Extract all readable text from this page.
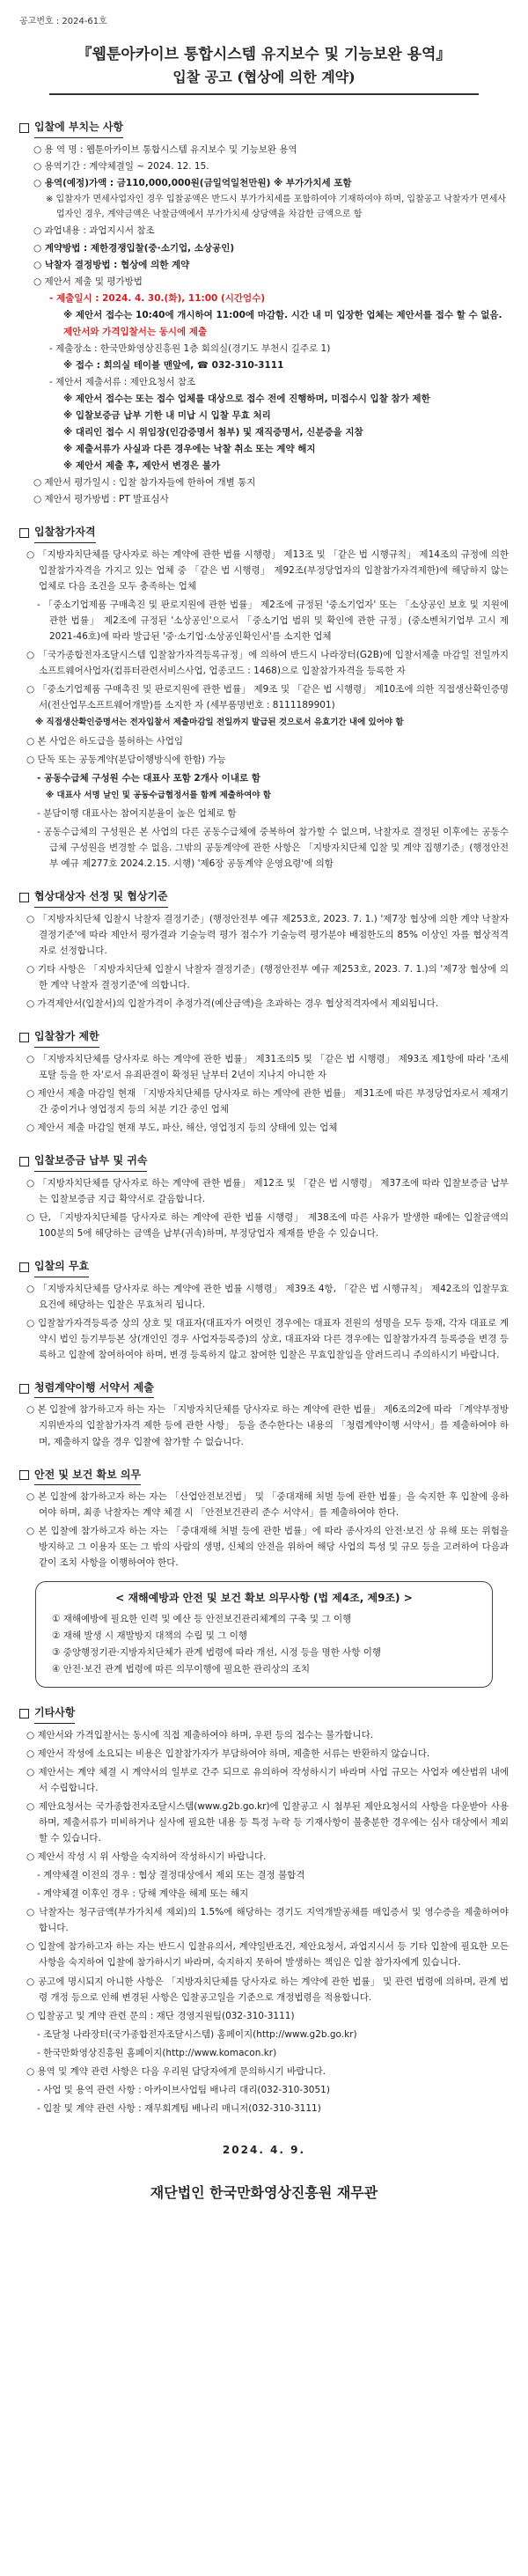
공고번호 : 2024-61호
『웹툰아카이브 통합시스템 유지보수 및 기능보완 용역』
입찰 공고 (협상에 의한 계약)
입찰에 부치는 사항
○ 용 역 명 : 웹툰아카이브 통합시스템 유지보수 및 기능보완 용역
○ 용역기간 : 계약체결일 ~ 2024. 12. 15.
○ 용역(예정)가액 : 금110,000,000원(금일억일천만원) ※ 부가가치세 포함
※ 입찰자가 면세사업자인 경우 입찰공액은 반드시 부가가치세를 포함하여야 기재하여야 하며, 입찰공고 낙찰자가 면세사업자인 경우, 계약금액은 낙찰금액에서 부가가치세 상당액을 차감한 금액으로 함
○ 과업내용 : 과업지시서 참조
○ 계약방법 : 제한경쟁입찰(중·소기업, 소상공인)
○ 낙찰자 결정방법 : 협상에 의한 계약
○ 제안서 제출 및 평가방법
- 제출일시 : 2024. 4. 30.(화), 11:00 (시간엄수)
※ 제안서 접수는 10:40에 개시하여 11:00에 마감함. 시간 내 미 입장한 업체는 제안서를 접수 할 수 없음.
제안서와 가격입찰서는 동시에 제출
- 제출장소 : 한국만화영상진흥원 1층 회의실(경기도 부천시 길주로 1)
※ 접수 : 회의실 테이블 맨앞에, ☎ 032-310-3111
- 제안서 제출서류 : 제안요청서 참조
※ 제안서 접수는 또는 접수 업체를 대상으로 접수 전에 진행하며, 미접수시 입찰 참가 제한
※ 입찰보증금 납부 기한 내 미납 시 입찰 무효 처리
※ 대리인 접수 시 위임장(인감증명서 첨부) 및 재직증명서, 신분증을 지참
※ 제출서류가 사실과 다른 경우에는 낙찰 취소 또는 계약 해지
※ 제안서 제출 후, 제안서 변경은 불가
○ 제안서 평가일시 : 입찰 참가자들에 한하여 개별 통지
○ 제안서 평가방법 : PT 발표심사
입찰참가자격
○ 「지방자치단체를 당사자로 하는 계약에 관한 법률 시행령」 제13조 및 「같은 법 시행규칙」 제14조의 규정에 의한 입찰참가자격을 가지고 있는 업체 중 「같은 법 시행령」 제92조(부정당업자의 입찰참가자격제한)에 해당하지 않는 업체로 다음 조건을 모두 충족하는 업체
- 「중소기업제품 구매촉진 및 판로지원에 관한 법률」 제2조에 규정된 '중소기업자' 또는 「소상공인 보호 및 지원에 관한 법률」 제2조에 규정된 '소상공인'으로서 「중소기업 범위 및 확인에 관한 규정」(중소벤처기업부 고시 제2021-46호)에 따라 발급된 '중·소기업·소상공인확인서'를 소지한 업체
○ 「국가종합전자조달시스템 입찰참가자격등록규정」에 의하여 반드시 나라장터(G2B)에 입찰서제출 마감일 전일까지 소프트웨어사업자(컴퓨터관련서비스사업, 업종코드 : 1468)으로 입찰참가자격을 등록한 자
○ 「중소기업제품 구매촉진 및 판로지원에 관한 법률」 제9조 및 「같은 법 시행령」 제10조에 의한 직접생산확인증명서(전산업무소프트웨어개발)를 소지한 자 (세부품명번호 : 8111189901)
※ 직접생산확인증명서는 전자입찰서 제출마감일 전일까지 발급된 것으로서 유효기간 내에 있어야 함
○ 본 사업은 하도급을 불허하는 사업임
○ 단독 또는 공동계약(분담이행방식에 한함) 가능
- 공동수급체 구성원 수는 대표사 포함 2개사 이내로 함
※ 대표사 서명 날인 및 공동수급협정서를 함께 제출하여야 함
- 분담이행 대표사는 참여지분율이 높은 업체로 함
- 공동수급체의 구성원은 본 사업의 다른 공동수급체에 중복하여 참가할 수 없으며, 낙찰자로 결정된 이후에는 공동수급체 구성원을 변경할 수 없음. 그밖의 공동계약에 관한 사항은 「지방자치단체 입찰 및 계약 집행기준」(행정안전부 예규 제277호 2024.2.15. 시행) '제6장 공동계약 운영요령'에 의함
협상대상자 선정 및 협상기준
○ 「지방자치단체 입찰시 낙찰자 결정기준」(행정안전부 예규 제253호, 2023. 7. 1.) '제7장 협상에 의한 계약 낙찰자 결정기준'에 따라 제안서 평가결과 기술능력 평가 점수가 기술능력 평가분야 배점한도의 85% 이상인 자를 협상적격자로 선정합니다.
○ 기타 사항은 「지방자치단체 입찰시 낙찰자 결정기준」(행정안전부 예규 제253호, 2023. 7. 1.)의 '제7장 협상에 의한 계약 낙찰자 결정기준'에 의합니다.
○ 가격제안서(입찰서)의 입찰가격이 추정가격(예산금액)을 초과하는 경우 협상적격자에서 제외됩니다.
입찰참가 제한
○ 「지방자치단체를 당사자로 하는 계약에 관한 법률」 제31조의5 및 「같은 법 시행령」 제93조 제1항에 따라 '조세포탈 등을 한 자'로서 유죄판결이 확정된 날부터 2년이 지나지 아니한 자
○ 제안서 제출 마감일 현재 「지방자치단체를 당사자로 하는 계약에 관한 법률」 제31조에 따른 부정당업자로서 제재기간 중이거나 영업정지 등의 처분 기간 중인 업체
○ 제안서 제출 마감일 현재 부도, 파산, 해산, 영업정지 등의 상태에 있는 업체
입찰보증금 납부 및 귀속
○ 「지방자치단체를 당사자로 하는 계약에 관한 법률」 제12조 및 「같은 법 시행령」 제37조에 따라 입찰보증금 납부는 입찰보증금 지급 확약서로 갈음합니다.
○ 단, 「지방자치단체를 당사자로 하는 계약에 관한 법률 시행령」 제38조에 따른 사유가 발생한 때에는 입찰금액의 100분의 5에 해당하는 금액을 납부(귀속)하며, 부정당업자 제재를 받을 수 있습니다.
입찰의 무효
○ 「지방자치단체를 당사자로 하는 계약에 관한 법률 시행령」 제39조 4항, 「같은 법 시행규칙」 제42조의 입찰무효 요건에 해당하는 입찰은 무효처리 됩니다.
○ 입찰참가자격등록증 상의 상호 및 대표자(대표자가 여럿인 경우에는 대표자 전원의 성명을 모두 등재, 각자 대표로 계약시 법인 등기부등본 상(개인인 경우 사업자등록증)의 상호, 대표자와 다른 경우에는 입찰참가자격 등록증을 변경 등록하고 입찰에 참여하여야 하며, 변경 등록하지 않고 참여한 입찰은 무효입찰임을 알려드리니 주의하시기 바랍니다.
청렴계약이행 서약서 제출
○ 본 입찰에 참가하고자 하는 자는 「지방자치단체를 당사자로 하는 계약에 관한 법률」 제6조의2에 따라 「계약부정방지위반자의 입찰참가자격 제한 등에 관한 사항」 등을 준수한다는 내용의 「청렴계약이행 서약서」를 제출하여야 하며, 제출하지 않을 경우 입찰에 참가할 수 없습니다.
안전 및 보건 확보 의무
○ 본 입찰에 참가하고자 하는 자는 「산업안전보건법」 및 「중대재해 처벌 등에 관한 법률」을 숙지한 후 입찰에 응하여야 하며, 최종 낙찰자는 계약 체결 시 「안전보건관리 준수 서약서」를 제출하여야 한다.
○ 본 입찰에 참가하고자 하는 자는 「중대재해 처벌 등에 관한 법률」에 따라 종사자의 안전·보건 상 유해 또는 위험을 방지하고 그 이용자 또는 그 밖의 사람의 생명, 신체의 안전을 위하여 해당 사업의 특성 및 규모 등을 고려하여 다음과 같이 조치 사항을 이행하여야 한다.
< 재해예방과 안전 및 보건 확보 의무사항 (법 제4조, 제9조) >
① 재해예방에 필요한 인력 및 예산 등 안전보건관리체계의 구축 및 그 이행
② 재해 발생 시 재발방지 대책의 수립 및 그 이행
③ 중앙행정기관·지방자치단체가 관계 법령에 따라 개선, 시정 등을 명한 사항 이행
④ 안전·보건 관계 법령에 따른 의무이행에 필요한 관리상의 조치
기타사항
○ 제안서와 가격입찰서는 동시에 직접 제출하여야 하며, 우편 등의 접수는 불가합니다.
○ 제안서 작성에 소요되는 비용은 입찰참가자가 부담하여야 하며, 제출한 서류는 반환하지 않습니다.
○ 제안서는 계약 체결 시 계약서의 일부로 간주 되므로 유의하여 작성하시기 바라며 사업 규모는 사업자 예산범위 내에서 수립합니다.
○ 제안요청서는 국가종합전자조달시스템(www.g2b.go.kr)에 입찰공고 시 첨부된 제안요청서의 사항을 다운받아 사용하며, 제출서류가 미비하거나 실사에 필요한 내용 등 특정 누락 등 기재사항이 불충분한 경우에는 심사 대상에서 제외할 수 있습니다.
○ 제안서 작성 시 위 사항을 숙지하여 작성하시기 바랍니다.
- 계약체결 이전의 경우 : 협상 결정대상에서 제외 또는 결정 불합격
- 계약체결 이후인 경우 : 당해 계약을 해제 또는 해지
○ 낙찰자는 청구금액(부가가치세 제외)의 1.5%에 해당하는 경기도 지역개발공채를 매입증서 및 영수증을 제출하여야 합니다.
○ 입찰에 참가하고자 하는 자는 반드시 입찰유의서, 계약일반조건, 제안요청서, 과업지시서 등 기타 입찰에 필요한 모든 사항을 숙지하여 입찰에 참가하시기 바라며, 숙지하지 못하여 발생하는 책임은 입찰 참가자에게 있습니다.
○ 공고에 명시되지 아니한 사항은 「지방자치단체를 당사자로 하는 계약에 관한 법률」 및 관련 법령에 의하며, 관계 법령 개정 등으로 인해 변경된 사항은 입찰공고일을 기준으로 개정법령을 적용합니다.
○ 입찰공고 및 계약 관련 문의 : 재단 경영지원팀(032-310-3111)
- 조달청 나라장터(국가종합전자조달시스템) 홈페이지(http://www.g2b.go.kr)
- 한국만화영상진흥원 홈페이지(http://www.komacon.kr)
○ 용역 및 계약 관련 사항은 다음 우리원 담당자에게 문의하시기 바랍니다.
- 사업 및 용역 관련 사항 : 아카이브사업팀 배나리 대리(032-310-3051)
- 입찰 및 계약 관련 사항 : 재무회계팀 배나리 매니저(032-310-3111)
2024. 4. 9.
재단법인 한국만화영상진흥원 재무관
